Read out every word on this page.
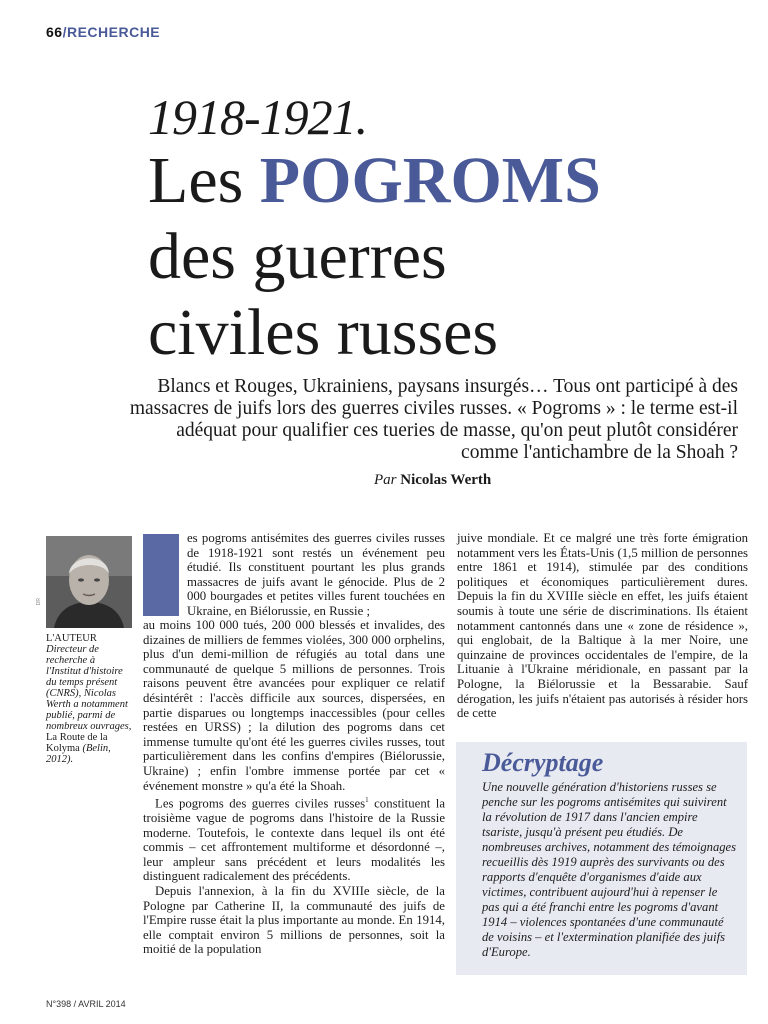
66/RECHERCHE
1918-1921.
Les POGROMS
des guerres
civiles russes
Blancs et Rouges, Ukrainiens, paysans insurgés… Tous ont participé à des massacres de juifs lors des guerres civiles russes. « Pogroms » : le terme est-il adéquat pour qualifier ces tueries de masse, qu'on peut plutôt considérer comme l'antichambre de la Shoah ?
Par Nicolas Werth
DR
L'AUTEUR Directeur de recherche à l'Institut d'histoire du temps présent (CNRS), Nicolas Werth a notamment publié, parmi de nombreux ouvrages, La Route de la Kolyma (Belin, 2012).

es pogroms antisémites des guerres civiles russes de 1918-1921 sont restés un événement peu étudié. Ils constituent pourtant les plus grands massacres de juifs avant le génocide. Plus de 2 000 bourgades et petites villes furent touchées en Ukraine, en Biélorussie, en Russie ;

au moins 100 000 tués, 200 000 blessés et invalides, des dizaines de milliers de femmes violées, 300 000 orphelins, plus d'un demi-million de réfugiés au total dans une communauté de quelque 5 millions de personnes. Trois raisons peuvent être avancées pour expliquer ce relatif désintérêt : l'accès difficile aux sources, dispersées, en partie disparues ou longtemps inaccessibles (pour celles restées en URSS) ; la dilution des pogroms dans cet immense tumulte qu'ont été les guerres civiles russes, tout particulièrement dans les confins d'empires (Biélorussie, Ukraine) ; enfin l'ombre immense portée par cet « événement monstre » qu'a été la Shoah.

Les pogroms des guerres civiles russes$^1$ constituent la troisième vague de pogroms dans l'histoire de la Russie moderne. Toutefois, le contexte dans lequel ils ont été commis – cet affrontement multiforme et désordonné –, leur ampleur sans précédent et leurs modalités les distinguent radicalement des précédents.

Depuis l'annexion, à la fin du XVIIIe siècle, de la Pologne par Catherine II, la communauté des juifs de l'Empire russe était la plus importante au monde. En 1914, elle comptait environ 5 millions de personnes, soit la moitié de la population

juive mondiale. Et ce malgré une très forte émigration notamment vers les États-Unis (1,5 million de personnes entre 1861 et 1914), stimulée par des conditions politiques et économiques particulièrement dures. Depuis la fin du XVIIIe siècle en effet, les juifs étaient soumis à toute une série de discriminations. Ils étaient notamment cantonnés dans une « zone de résidence », qui englobait, de la Baltique à la mer Noire, une quinzaine de provinces occidentales de l'empire, de la Lituanie à l'Ukraine méridionale, en passant par la Pologne, la Biélorussie et la Bessarabie. Sauf dérogation, les juifs n'étaient pas autorisés à résider hors de cette

Décryptage
Une nouvelle génération d'historiens russes se penche sur les pogroms antisémites qui suivirent la révolution de 1917 dans l'ancien empire tsariste, jusqu'à présent peu étudiés. De nombreuses archives, notamment des témoignages recueillis dès 1919 auprès des survivants ou des rapports d'enquête d'organismes d'aide aux victimes, contribuent aujourd'hui à repenser le pas qui a été franchi entre les pogroms d'avant 1914 – violences spontanées d'une communauté de voisins – et l'extermination planifiée des juifs d'Europe.
N°398 / AVRIL 2014
